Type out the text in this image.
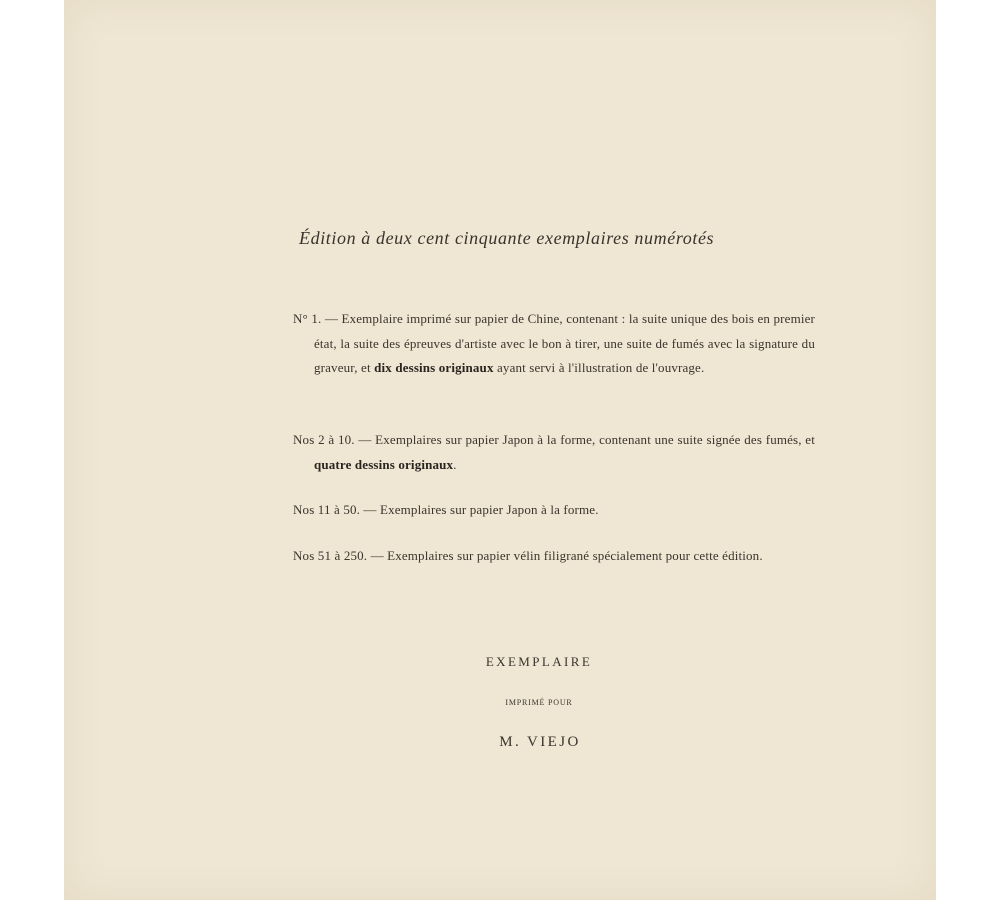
Édition à deux cent cinquante exemplaires numérotés
N° 1. — Exemplaire imprimé sur papier de Chine, contenant : la suite unique des bois en premier état, la suite des épreuves d'artiste avec le bon à tirer, une suite de fumés avec la signature du graveur, et dix dessins originaux ayant servi à l'illustration de l'ouvrage.
Nos 2 à 10. — Exemplaires sur papier Japon à la forme, contenant une suite signée des fumés, et quatre dessins originaux.
Nos 11 à 50. — Exemplaires sur papier Japon à la forme.
Nos 51 à 250. — Exemplaires sur papier vélin filigrané spécialement pour cette édition.
EXEMPLAIRE
IMPRIMÉ POUR
M. VIEJO
